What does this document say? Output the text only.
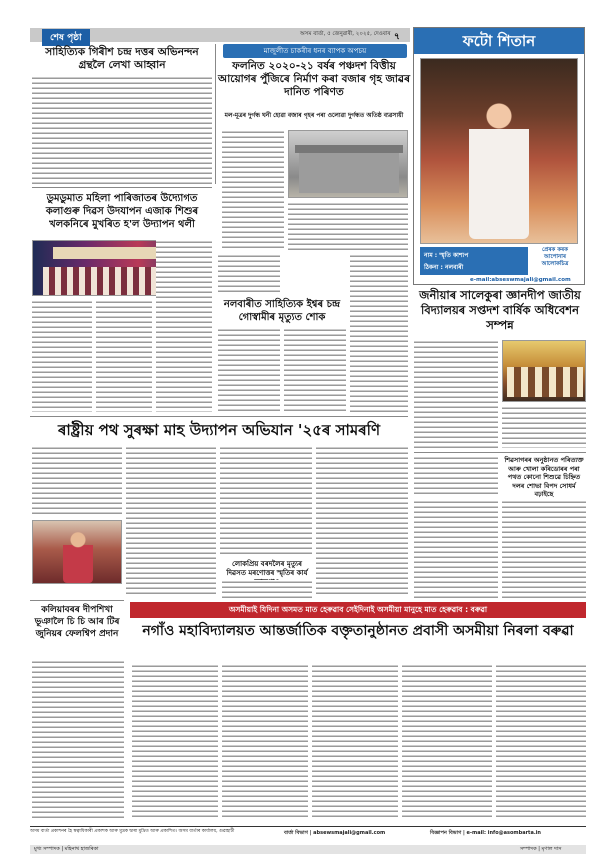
শেষ পৃষ্ঠা	অসম বাৰ্তা, ৫ জেনুৱাৰী, ২০২৫, দেওবাৰ ৭	ফটো শিতান
নাম : স্মৃতি কাশ্যপ
ঠিকনা : নলবাৰী
প্ৰেৰক কৰক আপোনাৰ আলোকচিত্ৰ
e-mail:abseswmajali@gmail.com
সাহিত্যিক গিৰীশ চন্দ্ৰ দত্তৰ অভিনন্দন গ্ৰন্থলৈ লেখা আহ্বান
মাজুলীত চাকৰীৰ ধনৰ ব্যাপক অপচয়
ফলনিত ২০২০-২১ বৰ্ষৰ পঞ্চদশ বিত্তীয় আয়োগৰ পুঁজিৰে নিৰ্মাণ কৰা বজাৰ গৃহ জাৱৰ দানিত পৰিণত
মল-মূত্ৰৰ দুৰ্গন্ধ ঘনী হোৱা বজাৰ গৃহৰ পৰা ওলোৱা দুৰ্গন্ধত অতিষ্ঠ ব্যৱসায়ী
ডুমডুমাত মহিলা পাৰিজাতৰ উদ্যোগত কলাগুৰু দিৱস উদযাপন এজাক শিশুৰ খলকনিৰে মুখৰিত হ'ল উদ্যাপন থলী
নলবাৰীত সাহিত্যিক ইশ্বৰ চন্দ্ৰ গোস্বামীৰ মৃত্যুত শোক
জনীয়াৰ সালেকুৰা জ্ঞানদীপ জাতীয় বিদ্যালয়ৰ সপ্তদশ বাৰ্ষিক অধিবেশন সম্পন্ন
ৰাষ্ট্ৰীয় পথ সুৰক্ষা মাহ উদ্যাপন অভিযান '২৫ৰ সামৰণি
লোকপ্ৰিয় বৰদলৈৰ মৃত্যুৰ দিৱসত মৰণোত্তৰ স্মৃতিৰ কাৰ্য
শিৱসাগৰৰ অনুষ্ঠানত পৰিত্যক্ত আৰু খোলা কৰিডোৰৰ পৰা পথত কোনো শিশুৱে চিহ্নিত দলৰ শোভা বিপদ সোধৰ্ম বঢ়াইছে
কলিয়াবৰৰ দীপশিখা ভূঞালৈ চি চি আৰ টিৰ জুনিয়ৰ ফেলশ্বিপ প্ৰদান
অসমীয়াই যিদিনা অসমত মাত হেৰুৱাব সেইদিনাই অসমীয়া মানুহে মাত হেৰুৱাব : বৰুৱা
নগাঁও মহাবিদ্যালয়ত আন্তৰ্জাতিক বক্তৃতানুষ্ঠানত প্ৰবাসী অসমীয়া নিৰলা বৰুৱা
অসম বাৰ্তা প্ৰকাশনৰ হৈ স্বত্বাধিকাৰী প্ৰকাশক আৰু মুদ্ৰক দ্বাৰা মুদ্ৰিত আৰু প্ৰকাশিত। অসম বাৰ্তাৰ কাৰ্যালয়, গুৱাহাটী	বাৰ্তা বিভাগ | absewsmajali@gmail.com	বিজ্ঞাপন বিভাগ | e-mail: info@asombarta.in
মুখ্য সম্পাদক | মহিনাথ হাজৰিকা	সম্পাদক | মৃণাল দাস
